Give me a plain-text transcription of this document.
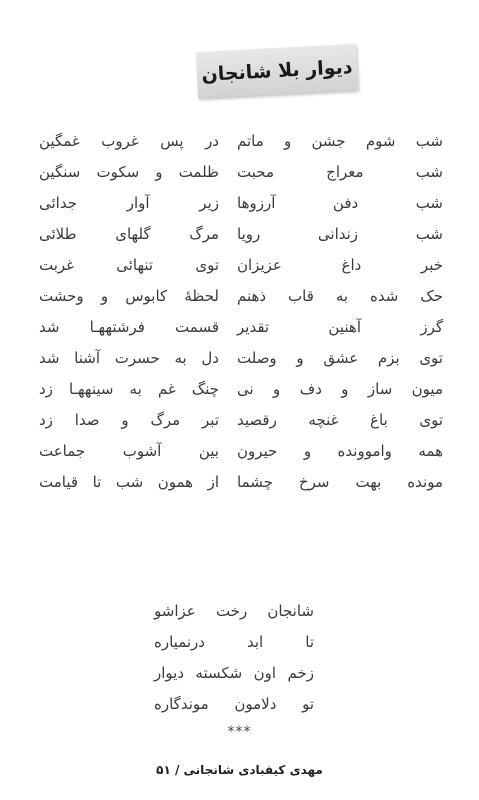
دیوار بلا شانجان
شب شوم جشن و ماتم
در پس غروب غمگین
شب معراج محبت
ظلمت و سکوت سنگین
شب دفن آرزوها
زیر آوار جدائی
شب زندانی رویا
مرگ گلهای طلائی
خبر داغ عزیزان
توی تنهائی غربت
حک شده به قاب ذهنم
لحظهٔ کابوس و وحشت
گرز آهنین تقدیر
قسمت فرشتههـا شد
توی بزم عشق و وصلت
دل به حسرت آشنا شد
میون ساز و دف و نی
چنگ غم به سینههـا زد
توی باغ غنچه رقصید
تبر مرگ و صدا زد
همه واموونده و حیرون
بین آشوب جماعت
مونده بهت سرخ چشما
از همون شب تا قیامت
شانجان رخت عزاشو
تا ابد درنمیاره
زخم اون شکسته دیوار
تو دلامون موندگاره
***
مهدی کیقبادی شانجانی / ۵۱
